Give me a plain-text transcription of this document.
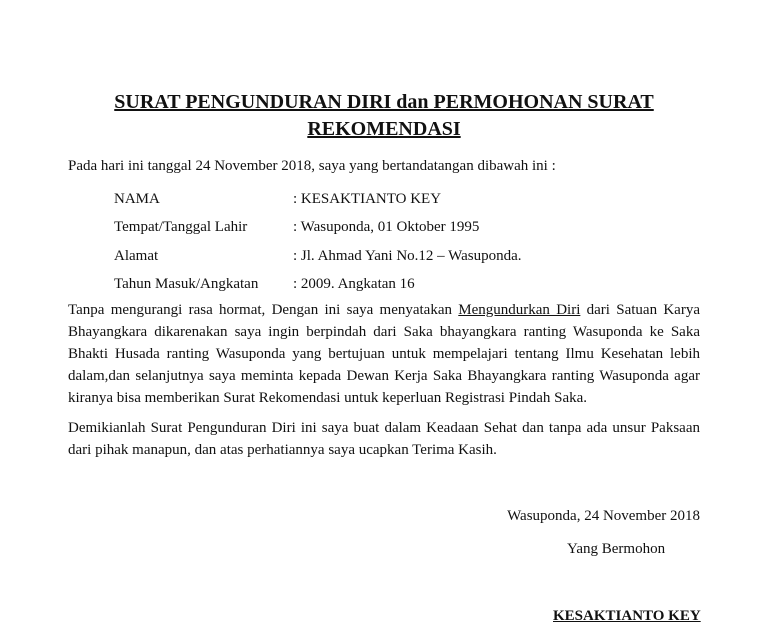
SURAT PENGUNDURAN DIRI dan PERMOHONAN SURAT
REKOMENDASI
Pada hari ini tanggal 24 November 2018, saya yang bertandatangan dibawah ini :
NAMA	: KESAKTIANTO KEY
Tempat/Tanggal Lahir	: Wasuponda, 01 Oktober 1995
Alamat	: Jl. Ahmad Yani No.12 – Wasuponda.
Tahun Masuk/Angkatan : 2009. Angkatan 16
Tanpa mengurangi rasa hormat, Dengan ini saya menyatakan Mengundurkan Diri dari Satuan Karya
Bhayangkara dikarenakan saya ingin berpindah dari Saka bhayangkara ranting Wasuponda ke Saka
Bhakti Husada ranting Wasuponda yang bertujuan untuk mempelajari tentang Ilmu Kesehatan lebih
dalam,dan selanjutnya saya meminta kepada Dewan Kerja Saka Bhayangkara ranting Wasuponda agar
kiranya bisa memberikan Surat Rekomendasi untuk keperluan Registrasi Pindah Saka.
Demikianlah Surat Pengunduran Diri ini saya buat dalam Keadaan Sehat dan tanpa ada unsur Paksaan
dari pihak manapun, dan atas perhatiannya saya ucapkan Terima Kasih.
Wasuponda, 24 November 2018
Yang Bermohon
KESAKTIANTO KEY
